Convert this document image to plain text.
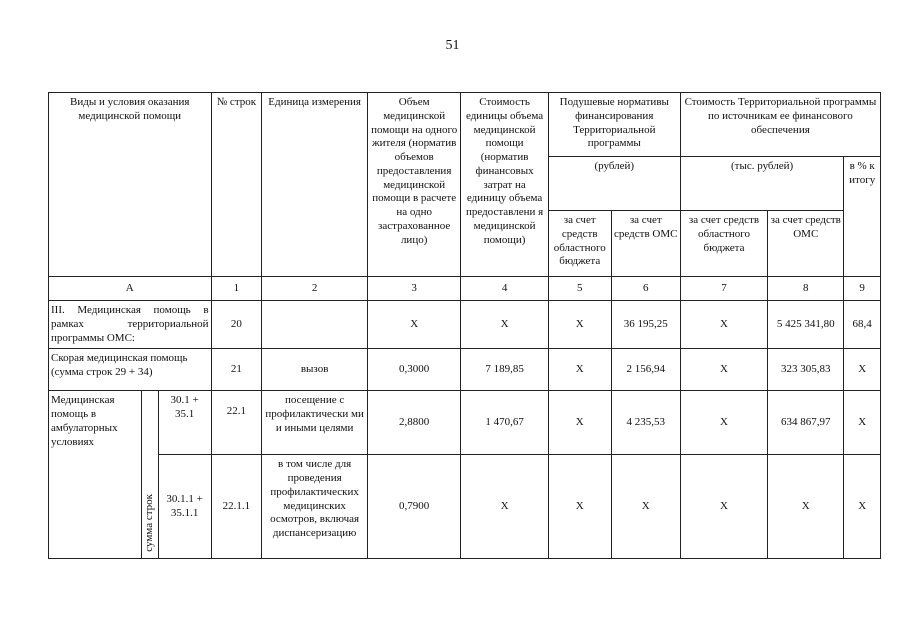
51
Виды и условия оказания медицинской помощи			№ строк	Единица измерения	Объем медицинской помощи на одного жителя (норматив объемов предоставления медицинской помощи в расчете на одно застрахованное лицо)	Стоимость единицы объема медицинской помощи (норматив финансовых затрат на единицу объема предоставлени я медицинской помощи)	Подушевые нормативы финансирования Территориальной программы		Стоимость Территориальной программы по источникам ее финансового обеспечения		
							(рублей)		(тыс. рублей)		в % к итогу
							за счет средств областного бюджета	за счет средств ОМС	за счет средств областного бюджета	за счет средств ОМС	
А			1	2	3	4	5	6	7	8	9
III. Медицинская помощь в рамках территориальной программы ОМС:			20		Х	Х	Х	36 195,25	Х	5 425 341,80	68,4
Скорая медицинская помощь (сумма строк 29 + 34)			21	вызов	0,3000	7 189,85	Х	2 156,94	Х	323 305,83	Х
Медицинская помощь в амбулаторных условиях	сумма строк	30.1 + 35.1	22.1	посещение с профилактически ми и иными целями	2,8800	1 470,67	Х	4 235,53	Х	634 867,97	Х
		30.1.1 + 35.1.1	22.1.1	в том числе для проведения профилактических медицинских осмотров, включая диспансеризацию	0,7900	Х	Х	Х	Х	Х	Х
